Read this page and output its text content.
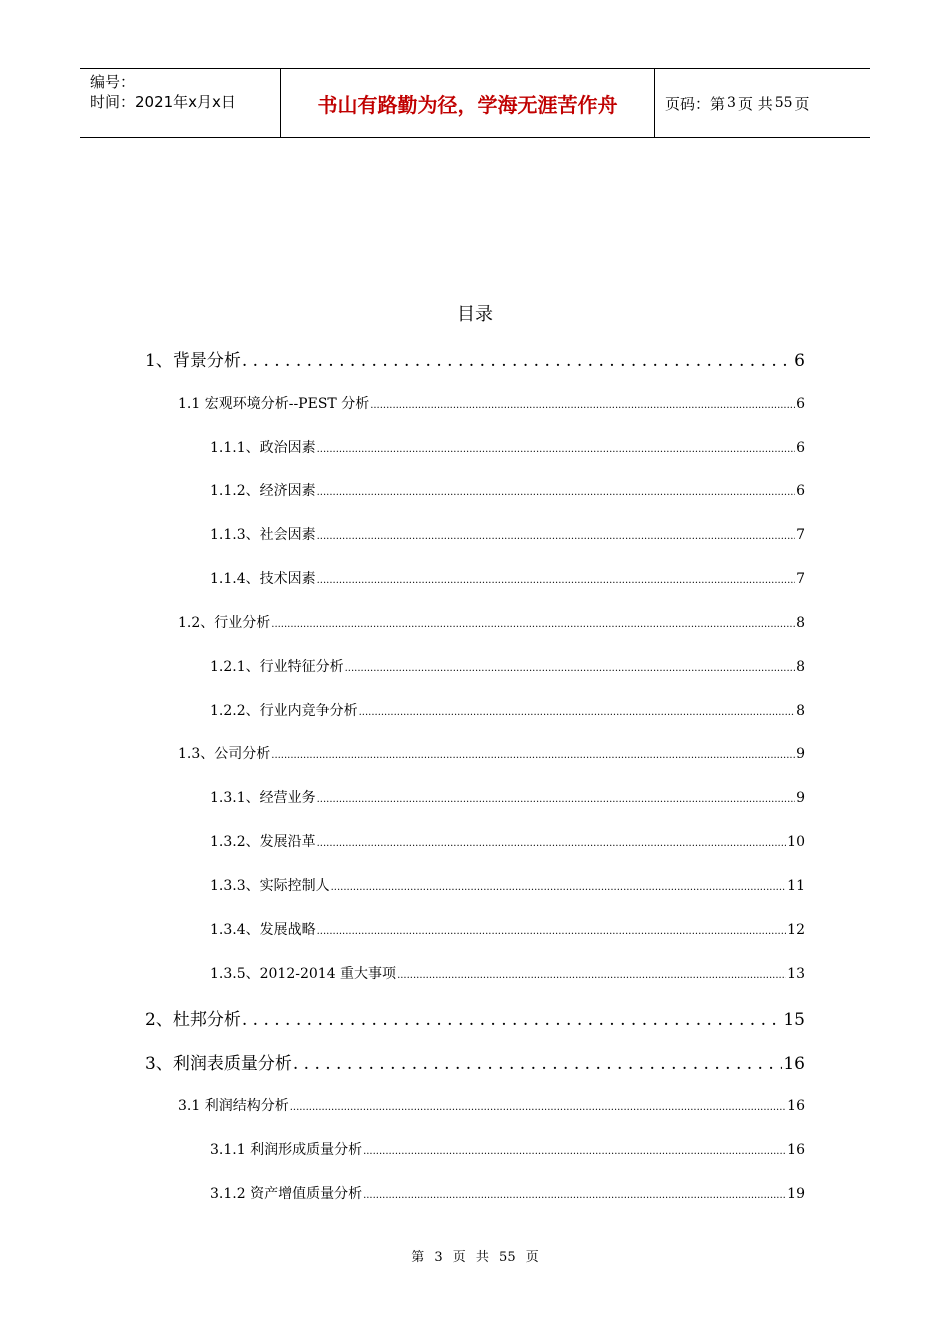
编号：
时间：2021年x月x日	书山有路勤为径，学海无涯苦作舟	页码：第 3 页 共 55 页
目录
1、背景分析 . . .	6
1.1 宏观环境分析--PEST 分析 .....	6
1.1.1、政治因素 .....	6
1.1.2、经济因素 .....	6
1.1.3、社会因素 .....	7
1.1.4、技术因素 .....	7
1.2、行业分析 .....	8
1.2.1、行业特征分析 .....	8
1.2.2、行业内竞争分析 .....	8
1.3、公司分析 .....	9
1.3.1、经营业务 .....	9
1.3.2、发展沿革 .....	10
1.3.3、实际控制人 .....	11
1.3.4、发展战略 .....	12
1.3.5、2012-2014 重大事项 .....	13
2、杜邦分析 . . .	15
3、利润表质量分析 . . .	16
3.1 利润结构分析 .....	16
3.1.1 利润形成质量分析 .....	16
3.1.2 资产增值质量分析 .....	19
第 3 页 共 55 页
